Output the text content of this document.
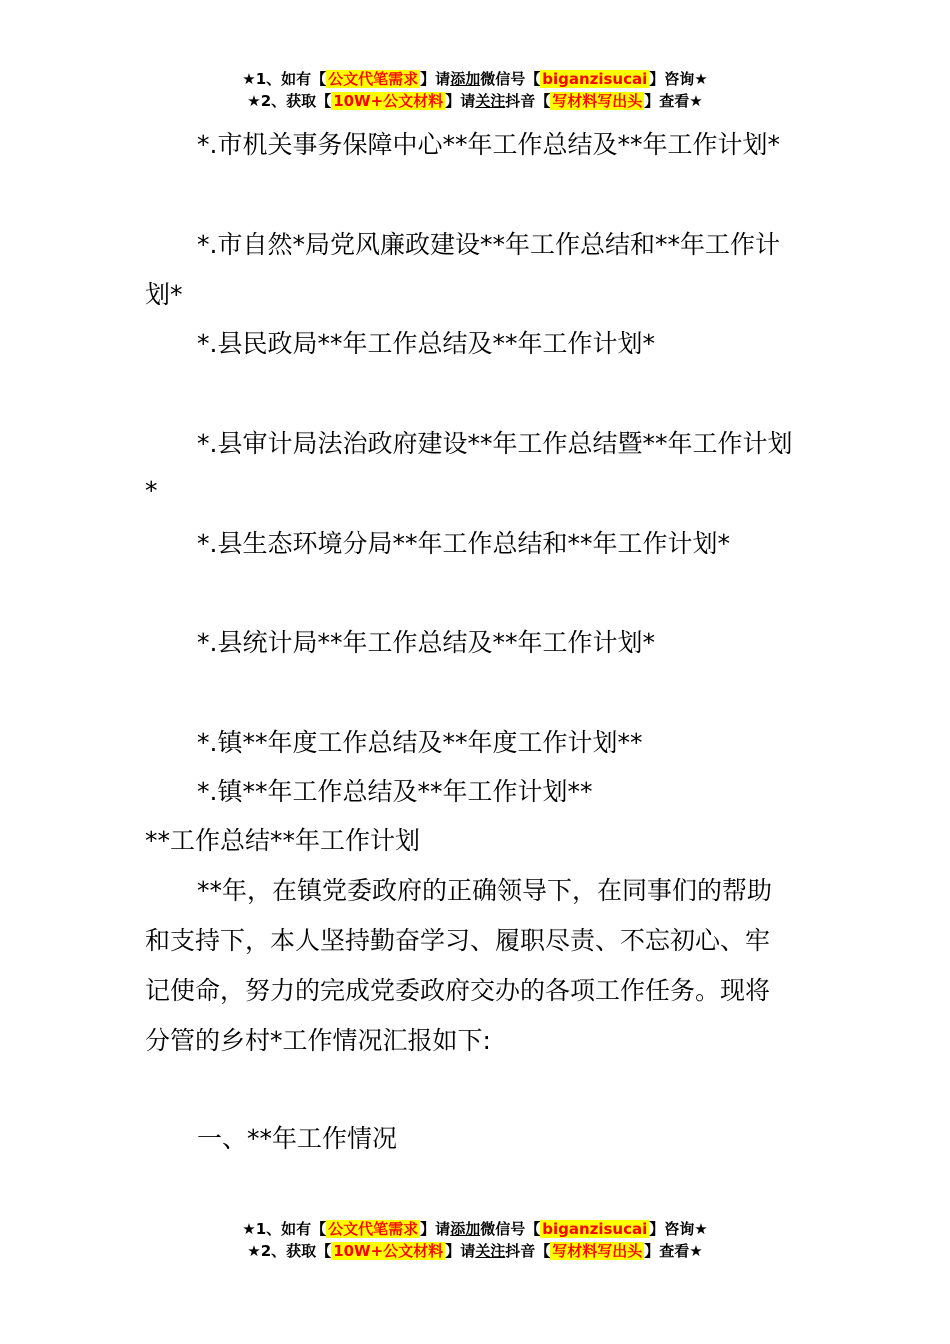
★1、如有【 公文代笔需求 】请添加微信号【 biganzisucai 】咨询★
★2、获取【 10W+公文材料 】请关注抖音【 写材料写出头 】查看★
*.市机关事务保障中心**年工作总结及**年工作计划*
*.市自然*局党风廉政建设**年工作总结和**年工作计
划*
*.县民政局**年工作总结及**年工作计划*
*.县审计局法治政府建设**年工作总结暨**年工作计划
*
*.县生态环境分局**年工作总结和**年工作计划*
*.县统计局**年工作总结及**年工作计划*
*.镇**年度工作总结及**年度工作计划**
*.镇**年工作总结及**年工作计划**
**工作总结**年工作计划
**年，在镇党委政府的正确领导下，在同事们的帮助
和支持下，本人坚持勤奋学习、履职尽责、不忘初心、牢
记使命，努力的完成党委政府交办的各项工作任务。现将
分管的乡村*工作情况汇报如下:
一、**年工作情况
★1、如有【 公文代笔需求 】请添加微信号【 biganzisucai 】咨询★
★2、获取【 10W+公文材料 】请关注抖音【 写材料写出头 】查看★
